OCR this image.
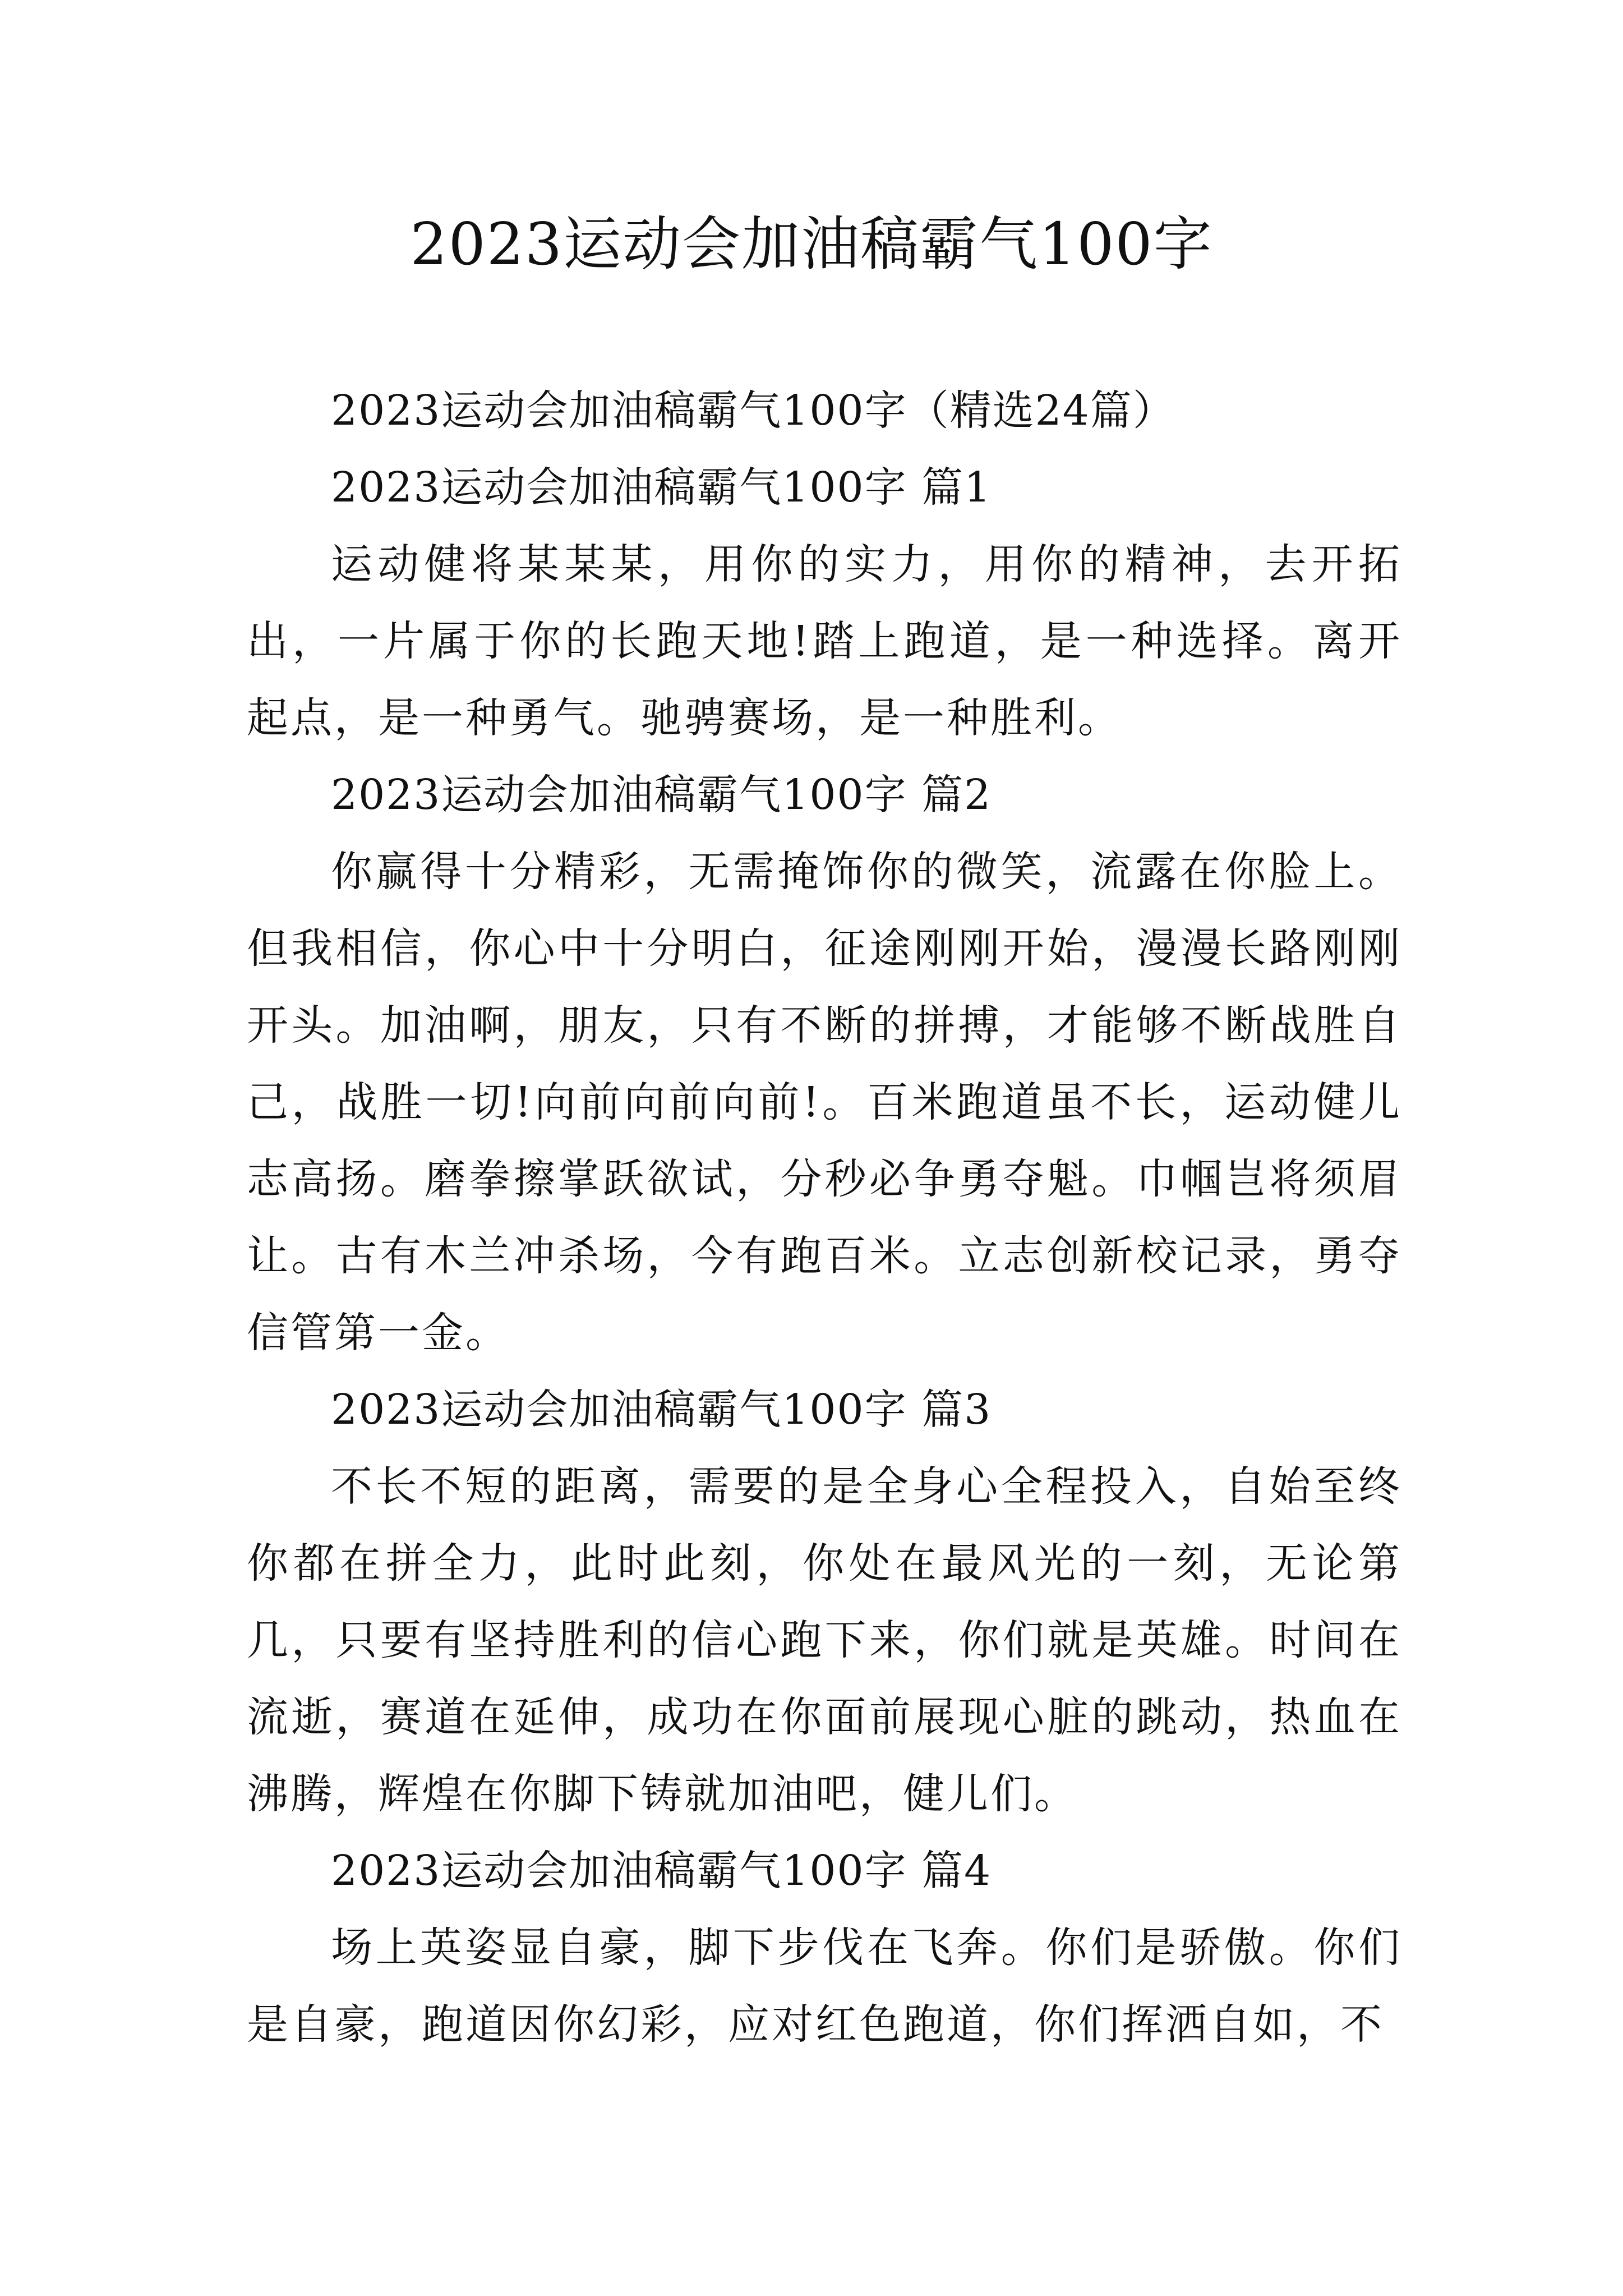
2023运动会加油稿霸气100字

2023运动会加油稿霸气100字（精选24篇）

2023运动会加油稿霸气100字 篇1

运动健将某某某，用你的实力，用你的精神，去开拓出，一片属于你的长跑天地!踏上跑道，是一种选择。离开起点，是一种勇气。驰骋赛场，是一种胜利。

2023运动会加油稿霸气100字 篇2

你赢得十分精彩，无需掩饰你的微笑，流露在你脸上。但我相信，你心中十分明白，征途刚刚开始，漫漫长路刚刚开头。加油啊，朋友，只有不断的拼搏，才能够不断战胜自己，战胜一切!向前向前向前!。百米跑道虽不长，运动健儿志高扬。磨拳擦掌跃欲试，分秒必争勇夺魁。巾帼岂将须眉让。古有木兰冲杀场，今有跑百米。立志创新校记录，勇夺信管第一金。

2023运动会加油稿霸气100字 篇3

不长不短的距离，需要的是全身心全程投入，自始至终你都在拼全力，此时此刻，你处在最风光的一刻，无论第几，只要有坚持胜利的信心跑下来，你们就是英雄。时间在流逝，赛道在延伸，成功在你面前展现心脏的跳动，热血在沸腾，辉煌在你脚下铸就加油吧，健儿们。

2023运动会加油稿霸气100字 篇4

场上英姿显自豪，脚下步伐在飞奔。你们是骄傲。你们是自豪，跑道因你幻彩，应对红色跑道，你们挥洒自如，不
